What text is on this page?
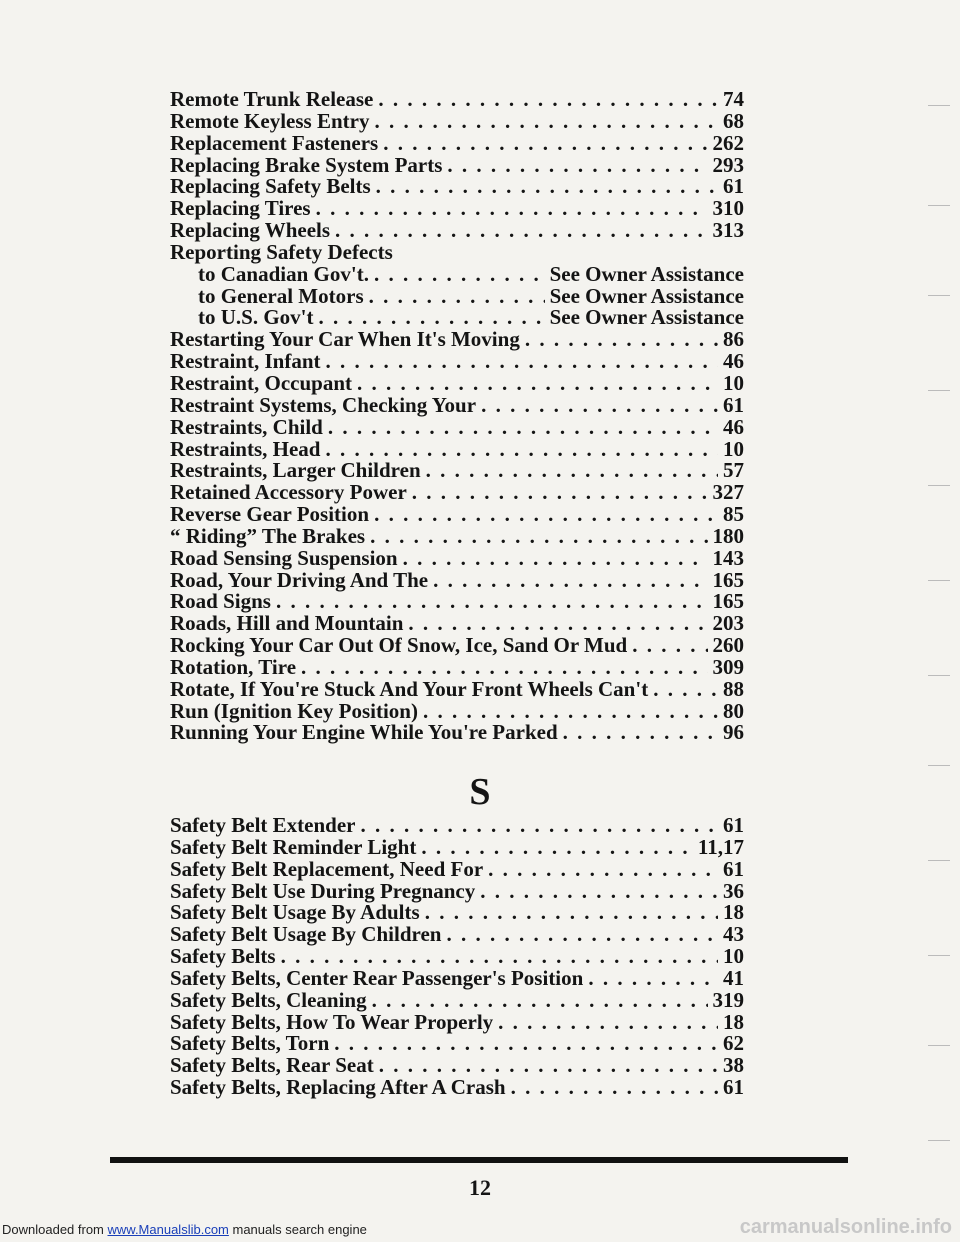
Remote Trunk Release . . .	74
Remote Keyless Entry . . .	68
Replacement Fasteners . . .	262
Replacing Brake System Parts . . .	293
Replacing Safety Belts . . .	61
Replacing Tires . . .	310
Replacing Wheels . . .	313
Reporting Safety Defects
to Canadian Gov't. . . .	See Owner Assistance
to General Motors . . .	See Owner Assistance
to U.S. Gov't . . .	See Owner Assistance
Restarting Your Car When It's Moving . . .	86
Restraint, Infant . . .	46
Restraint, Occupant . . .	10
Restraint Systems, Checking Your . . .	61
Restraints, Child . . .	46
Restraints, Head . . .	10
Restraints, Larger Children . . .	57
Retained Accessory Power . . .	327
Reverse Gear Position . . .	85
“ Riding” The Brakes . . .	180
Road Sensing Suspension . . .	143
Road, Your Driving And The . . .	165
Road Signs . . .	165
Roads, Hill and Mountain . . .	203
Rocking Your Car Out Of Snow, Ice, Sand Or Mud . . .	260
Rotation, Tire . . .	309
Rotate, If You're Stuck And Your Front Wheels Can't . . .	88
Run (Ignition Key Position) . . .	80
Running Your Engine While You're Parked . . .	96
S
Safety Belt Extender . . .	61
Safety Belt Reminder Light . . .	11,17
Safety Belt Replacement, Need For . . .	61
Safety Belt Use During Pregnancy . . .	36
Safety Belt Usage By Adults . . .	18
Safety Belt Usage By Children . . .	43
Safety Belts . . .	10
Safety Belts, Center Rear Passenger's Position . . .	41
Safety Belts, Cleaning . . .	319
Safety Belts, How To Wear Properly . . .	18
Safety Belts, Torn . . .	62
Safety Belts, Rear Seat . . .	38
Safety Belts, Replacing After A Crash . . .	61
12
Downloaded from www.Manualslib.com manuals search engine	carmanualsonline.info
